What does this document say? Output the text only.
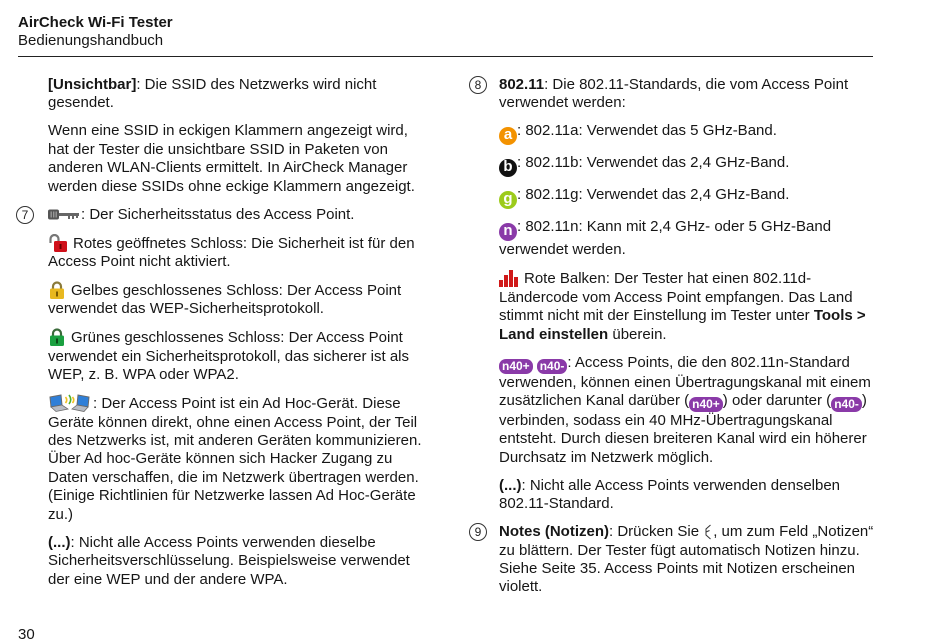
AirCheck Wi-Fi Tester
Bedienungshandbuch

[Unsichtbar]: Die SSID des Netzwerks wird nicht gesendet.

Wenn eine SSID in eckigen Klammern angezeigt wird, hat der Tester die unsichtbare SSID in Paketen von anderen WLAN-Clients ermittelt. In AirCheck Manager werden diese SSIDs ohne eckige Klammern angezeigt.

7	: Der Sicherheitsstatus des Access Point.

Rotes geöffnetes Schloss: Die Sicherheit ist für den Access Point nicht aktiviert.

Gelbes geschlossenes Schloss: Der Access Point verwendet das WEP-Sicherheitsprotokoll.

Grünes geschlossenes Schloss: Der Access Point verwendet ein Sicherheitsprotokoll, das sicherer ist als WEP, z. B. WPA oder WPA2.

: Der Access Point ist ein Ad Hoc-Gerät. Diese Geräte können direkt, ohne einen Access Point, der Teil des Netzwerks ist, mit anderen Geräten kommunizieren. Über Ad hoc-Geräte können sich Hacker Zugang zu Daten verschaffen, die im Netzwerk übertragen werden. (Einige Richtlinien für Netzwerke lassen Ad Hoc-Geräte zu.)

(...): Nicht alle Access Points verwenden dieselbe Sicherheitsverschlüsselung. Beispielsweise verwendet der eine WEP und der andere WPA.

8	802.11: Die 802.11-Standards, die vom Access Point verwendet werden:

a : 802.11a: Verwendet das 5 GHz-Band.

b : 802.11b: Verwendet das 2,4 GHz-Band.

g : 802.11g: Verwendet das 2,4 GHz-Band.

n : 802.11n: Kann mit 2,4 GHz- oder 5 GHz-Band verwendet werden.

Rote Balken: Der Tester hat einen 802.11d-Ländercode vom Access Point empfangen. Das Land stimmt nicht mit der Einstellung im Tester unter Tools > Land einstellen überein.

n40+ n40- : Access Points, die den 802.11n-Standard verwenden, können einen Übertragungskanal mit einem zusätzlichen Kanal darüber ( n40+ ) oder darunter ( n40- ) verbinden, sodass ein 40 MHz-Übertragungskanal entsteht. Durch diesen breiteren Kanal wird ein höherer Durchsatz im Netzwerk möglich.

(...): Nicht alle Access Points verwenden denselben 802.11-Standard.

9	Notes (Notizen): Drücken Sie
, um zum Feld „Notizen“ zu blättern. Der Tester fügt automatisch Notizen hinzu. Siehe Seite 35. Access Points mit Notizen erscheinen violett.

30
